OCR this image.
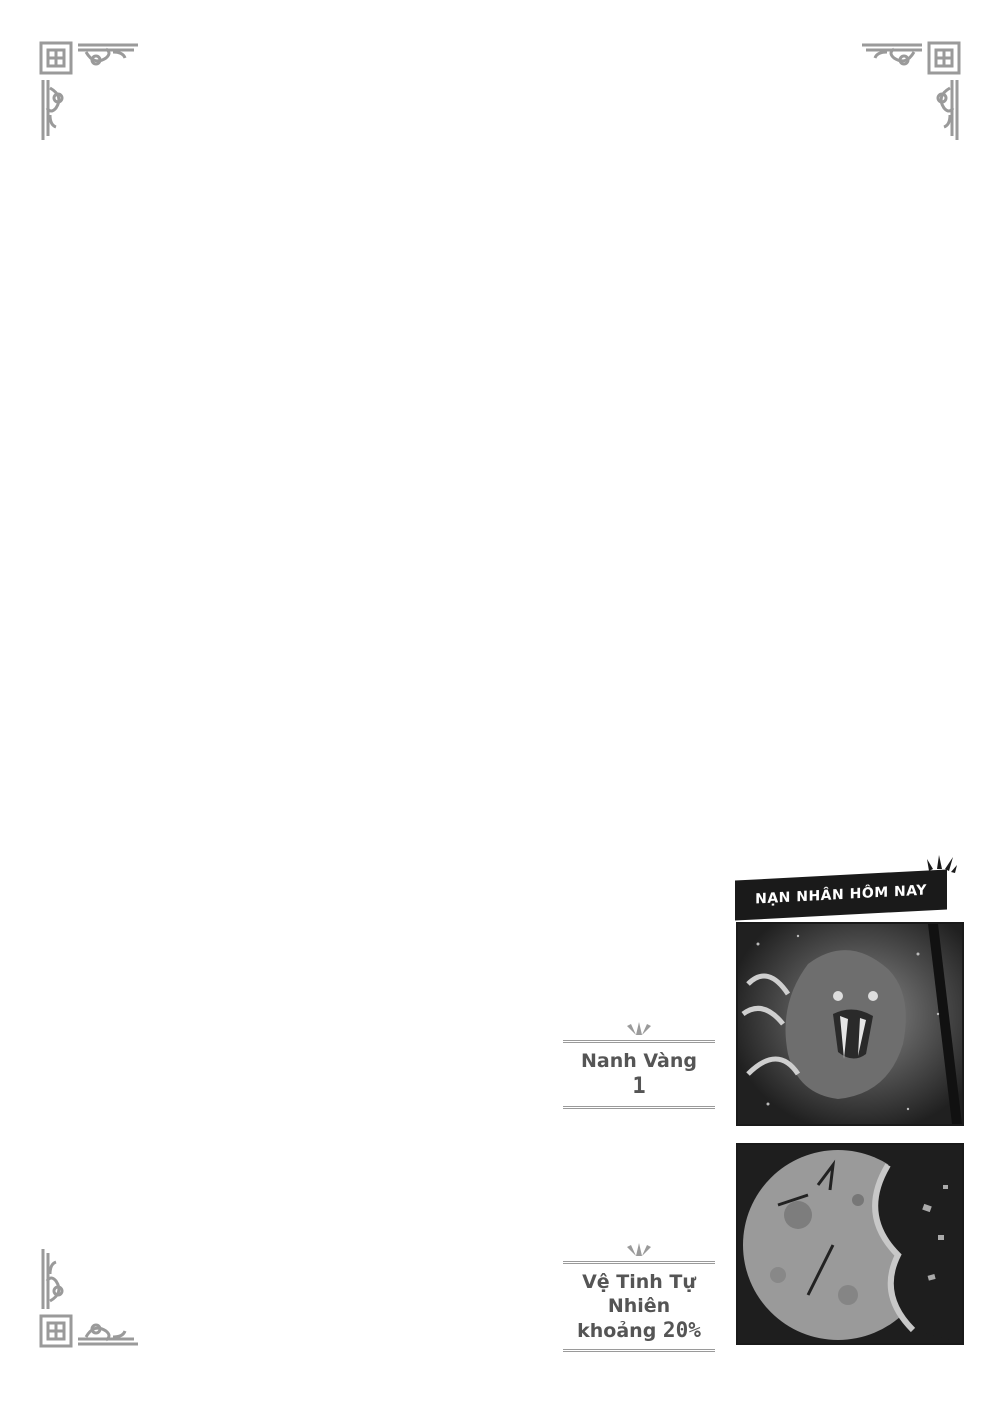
NẠN NHÂN HÔM NAY
Nanh Vàng
1
Vệ Tinh Tự Nhiên
khoảng 20%
